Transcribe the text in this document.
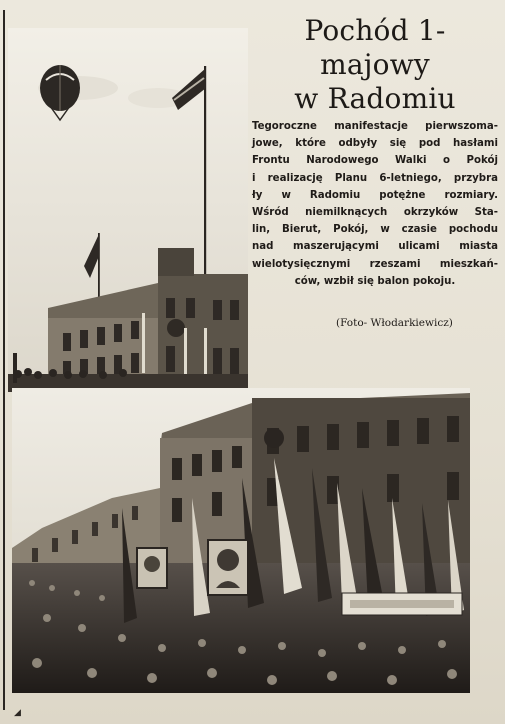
Pochód 1-majowy
w Radomiu
Tegoroczne manifestacje pierwszoma-
jowe, które odbyły się pod hasłami
Frontu Narodowego Walki o Pokój
i realizację Planu 6-letniego, przybra
ły w Radomiu potężne rozmiary.
Wśród niemilknących okrzyków Sta-
lin, Bierut, Pokój, w czasie pochodu
nad maszerującymi ulicami miasta
wielotysięcznymi rzeszami mieszkań-
ców, wzbił się balon pokoju.
(Foto- Włodarkiewicz)
◢
